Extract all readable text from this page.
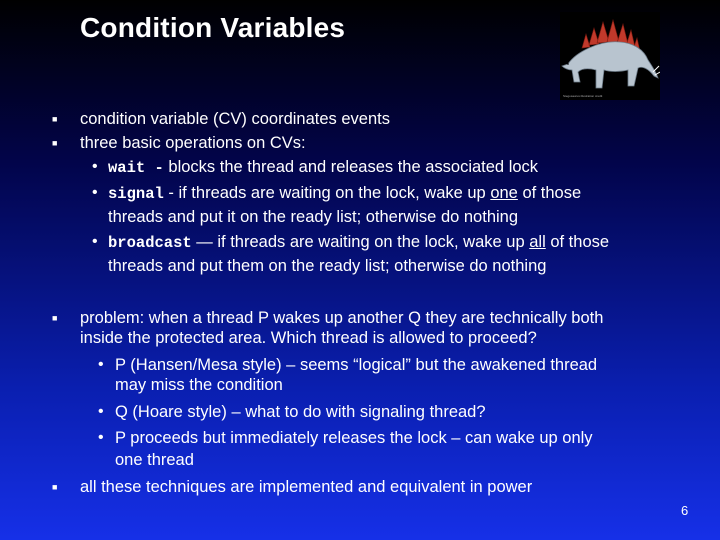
Condition Variables
Stegosaurus illustration credit
■ condition variable (CV) coordinates events
■ three basic operations on CVs:
• wait - blocks the thread and releases the associated lock
• signal - if threads are waiting on the lock, wake up one of those
threads and put it on the ready list; otherwise do nothing
• broadcast — if threads are waiting on the lock, wake up all of those
threads and put them on the ready list; otherwise do nothing
■ problem: when a thread P wakes up another Q they are technically both
inside the protected area. Which thread is allowed to proceed?
• P (Hansen/Mesa style) – seems “logical” but the awakened thread
may miss the condition
• Q (Hoare style) – what to do with signaling thread?
• P proceeds but immediately releases the lock – can wake up only
one thread
■ all these techniques are implemented and equivalent in power
6
